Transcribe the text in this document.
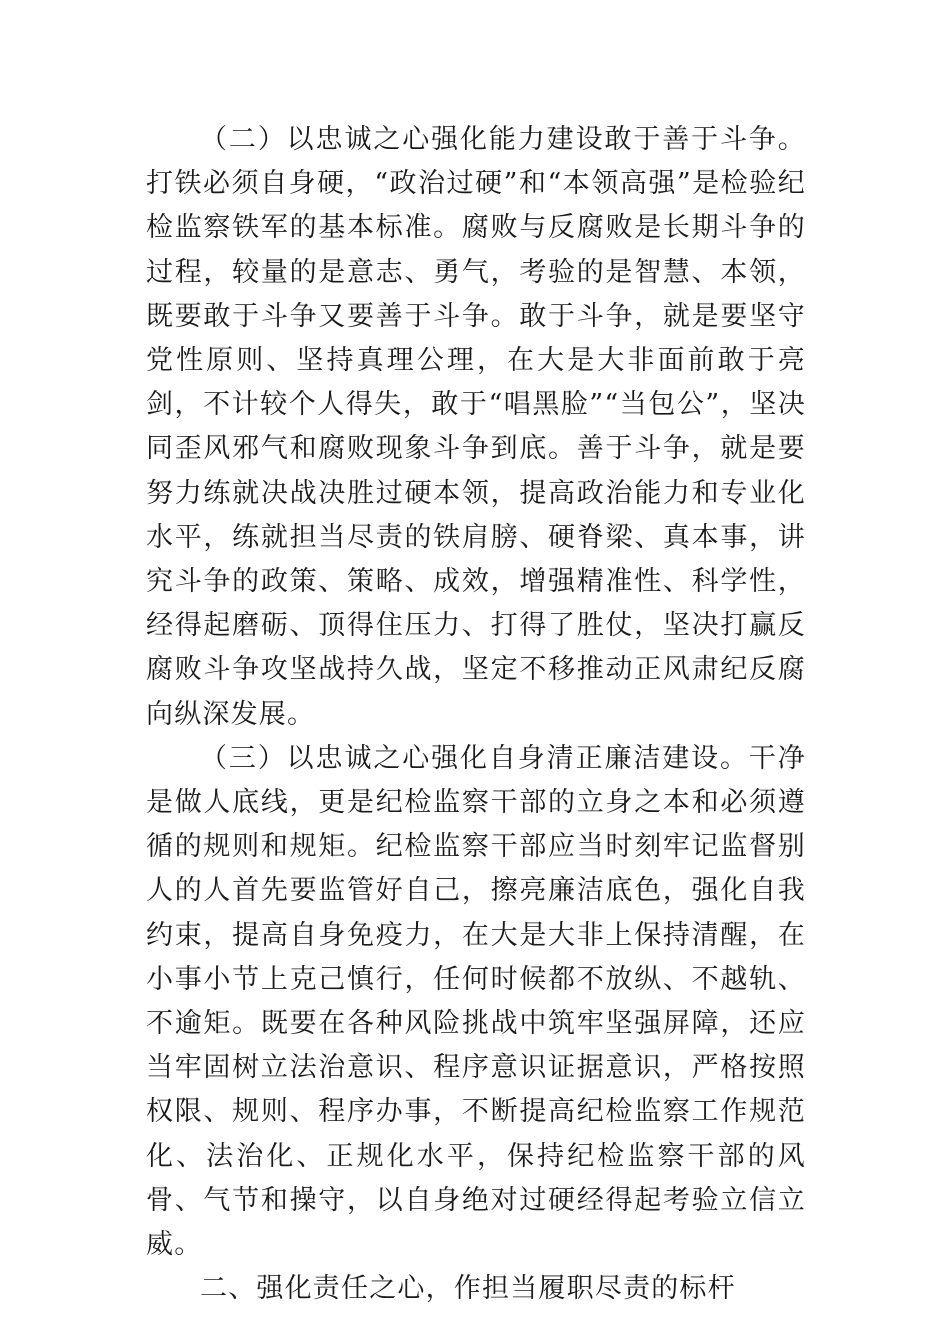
（二）以忠诚之心强化能力建设敢于善于斗争。打铁必须自身硬，“政治过硬”和“本领高强”是检验纪检监察铁军的基本标准。腐败与反腐败是长期斗争的过程，较量的是意志、勇气，考验的是智慧、本领，既要敢于斗争又要善于斗争。敢于斗争，就是要坚守党性原则、坚持真理公理，在大是大非面前敢于亮剑，不计较个人得失，敢于“唱黑脸”“当包公”，坚决同歪风邪气和腐败现象斗争到底。善于斗争，就是要努力练就决战决胜过硬本领，提高政治能力和专业化水平，练就担当尽责的铁肩膀、硬脊梁、真本事，讲究斗争的政策、策略、成效，增强精准性、科学性，经得起磨砺、顶得住压力、打得了胜仗，坚决打赢反腐败斗争攻坚战持久战，坚定不移推动正风肃纪反腐向纵深发展。

（三）以忠诚之心强化自身清正廉洁建设。干净是做人底线，更是纪检监察干部的立身之本和必须遵循的规则和规矩。纪检监察干部应当时刻牢记监督别人的人首先要监管好自己，擦亮廉洁底色，强化自我约束，提高自身免疫力，在大是大非上保持清醒，在小事小节上克己慎行，任何时候都不放纵、不越轨、不逾矩。既要在各种风险挑战中筑牢坚强屏障，还应当牢固树立法治意识、程序意识证据意识，严格按照权限、规则、程序办事，不断提高纪检监察工作规范化、法治化、正规化水平，保持纪检监察干部的风骨、气节和操守，以自身绝对过硬经得起考验立信立威。

二、强化责任之心，作担当履职尽责的标杆
